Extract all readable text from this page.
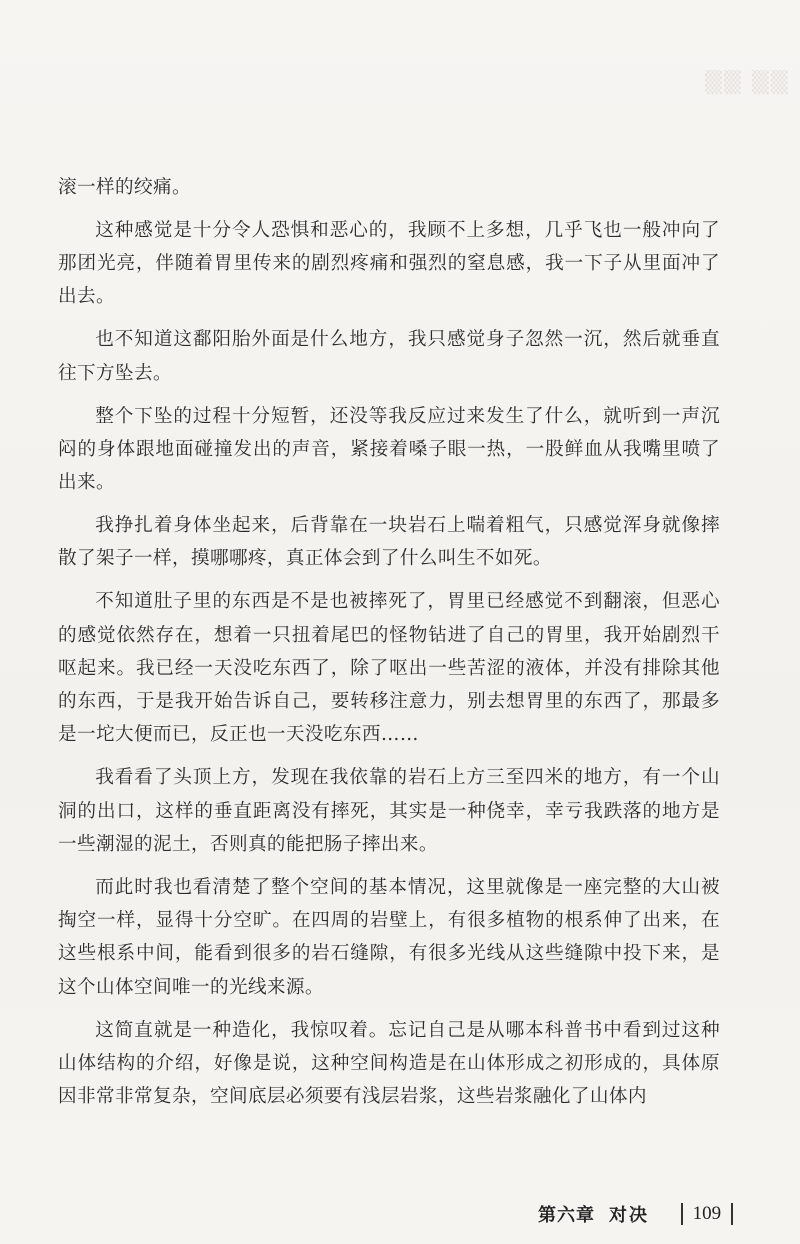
▒▒ ▒▒

滚一样的绞痛。

这种感觉是十分令人恐惧和恶心的，我顾不上多想，几乎飞也一般冲向了那团光亮，伴随着胃里传来的剧烈疼痛和强烈的窒息感，我一下子从里面冲了出去。

也不知道这鄱阳胎外面是什么地方，我只感觉身子忽然一沉，然后就垂直往下方坠去。

整个下坠的过程十分短暂，还没等我反应过来发生了什么，就听到一声沉闷的身体跟地面碰撞发出的声音，紧接着嗓子眼一热，一股鲜血从我嘴里喷了出来。

我挣扎着身体坐起来，后背靠在一块岩石上喘着粗气，只感觉浑身就像摔散了架子一样，摸哪哪疼，真正体会到了什么叫生不如死。

不知道肚子里的东西是不是也被摔死了，胃里已经感觉不到翻滚，但恶心的感觉依然存在，想着一只扭着尾巴的怪物钻进了自己的胃里，我开始剧烈干呕起来。我已经一天没吃东西了，除了呕出一些苦涩的液体，并没有排除其他的东西，于是我开始告诉自己，要转移注意力，别去想胃里的东西了，那最多是一坨大便而已，反正也一天没吃东西……

我看看了头顶上方，发现在我依靠的岩石上方三至四米的地方，有一个山洞的出口，这样的垂直距离没有摔死，其实是一种侥幸，幸亏我跌落的地方是一些潮湿的泥土，否则真的能把肠子摔出来。

而此时我也看清楚了整个空间的基本情况，这里就像是一座完整的大山被掏空一样，显得十分空旷。在四周的岩壁上，有很多植物的根系伸了出来，在这些根系中间，能看到很多的岩石缝隙，有很多光线从这些缝隙中投下来，是这个山体空间唯一的光线来源。

这简直就是一种造化，我惊叹着。忘记自己是从哪本科普书中看到过这种山体结构的介绍，好像是说，这种空间构造是在山体形成之初形成的，具体原因非常非常复杂，空间底层必须要有浅层岩浆，这些岩浆融化了山体内

第六章 对决 109
